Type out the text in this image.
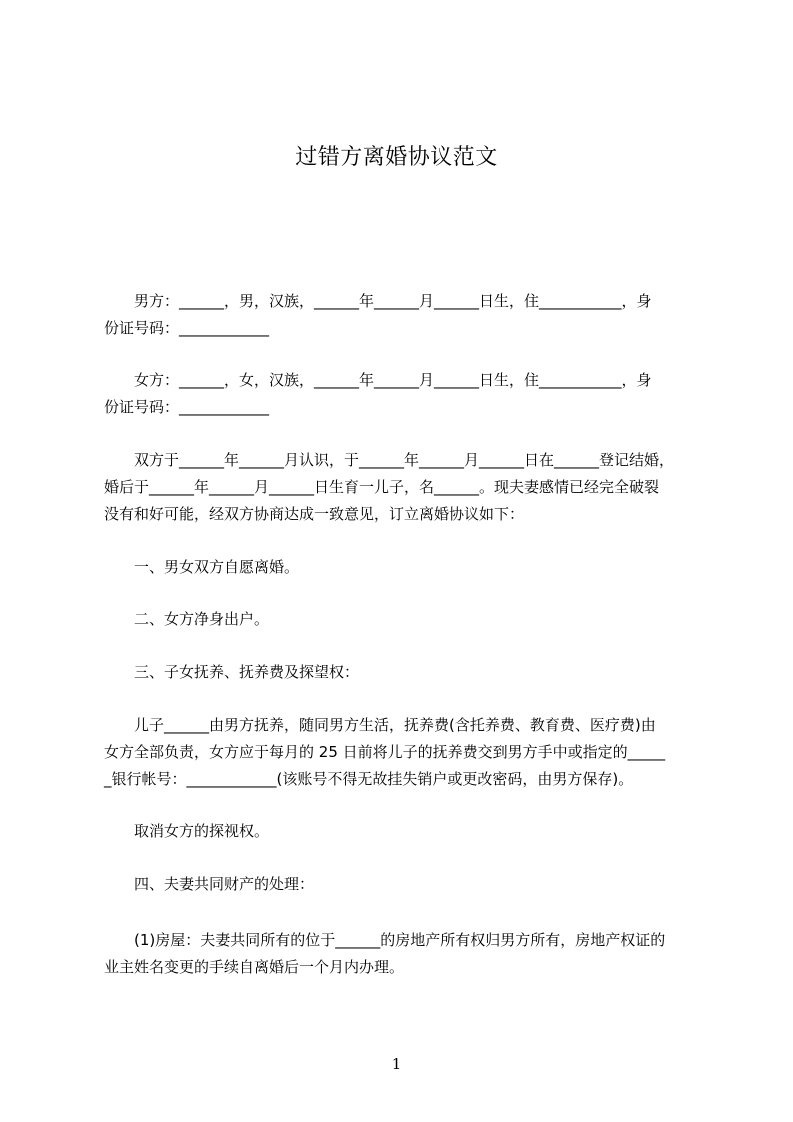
过错方离婚协议范文
　　男方：______，男，汉族，______年______月______日生，住___________，身
份证号码：____________
　　女方：______，女，汉族，______年______月______日生，住___________，身
份证号码：____________
　　双方于______年______月认识，于______年______月______日在______登记结婚，
婚后于______年______月______日生育一儿子，名______。现夫妻感情已经完全破裂
没有和好可能，经双方协商达成一致意见，订立离婚协议如下：
　　一、男女双方自愿离婚。
　　二、女方净身出户。
　　三、子女抚养、抚养费及探望权：
　　儿子______由男方抚养，随同男方生活，抚养费(含托养费、教育费、医疗费)由
女方全部负责，女方应于每月的 25 日前将儿子的抚养费交到男方手中或指定的_____
_银行帐号：____________(该账号不得无故挂失销户或更改密码，由男方保存)。
　　取消女方的探视权。
　　四、夫妻共同财产的处理：
　　(1)房屋：夫妻共同所有的位于______的房地产所有权归男方所有，房地产权证的
业主姓名变更的手续自离婚后一个月内办理。
1
